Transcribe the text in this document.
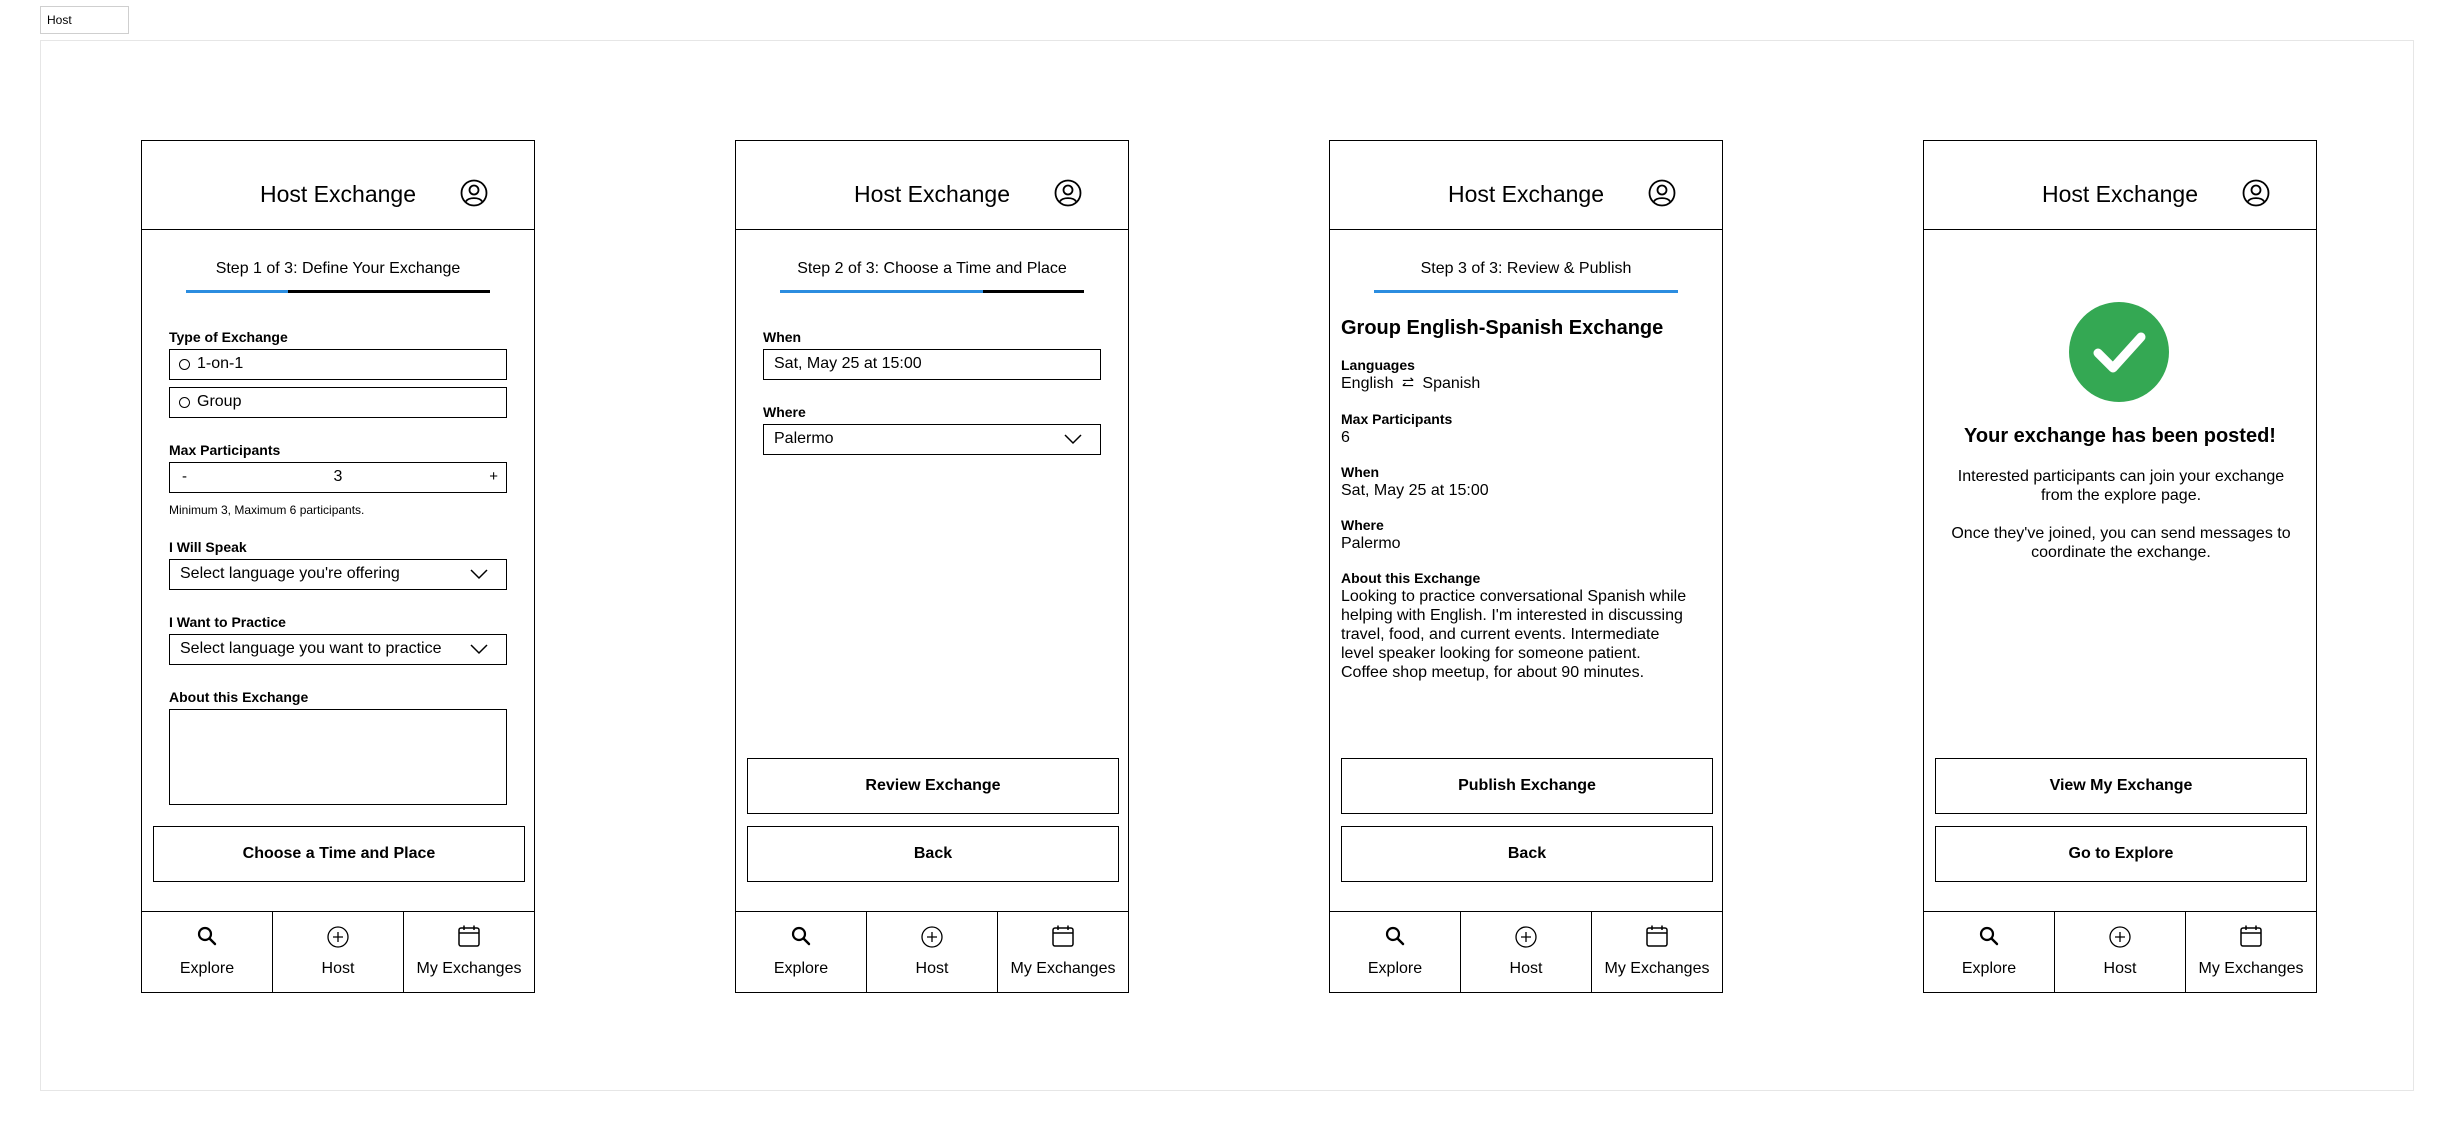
Host
Host Exchange
Step 1 of 3: Define Your Exchange
Type of Exchange
1-on-1
Group
Max Participants
3
-	+
Minimum 3, Maximum 6 participants.
I Will Speak
Select language you're offering
I Want to Practice
Select language you want to practice
About this Exchange
Choose a Time and Place
Explore	Host	My Exchanges
Host Exchange
Step 2 of 3: Choose a Time and Place
When
Sat, May 25 at 15:00
Where
Palermo
Review Exchange
Back
Explore	Host	My Exchanges
Host Exchange
Step 3 of 3: Review & Publish
Group English-Spanish Exchange
Languages
English Spanish
Max Participants
6
When
Sat, May 25 at 15:00
Where
Palermo
About this Exchange
Looking to practice conversational Spanish while
helping with English. I'm interested in discussing
travel, food, and current events. Intermediate
level speaker looking for someone patient.
Coffee shop meetup, for about 90 minutes.
Publish Exchange
Back
Explore	Host	My Exchanges
Host Exchange
Your exchange has been posted!
Interested participants can join your exchange
from the explore page.
Once they've joined, you can send messages to
coordinate the exchange.
View My Exchange
Go to Explore
Explore	Host	My Exchanges
